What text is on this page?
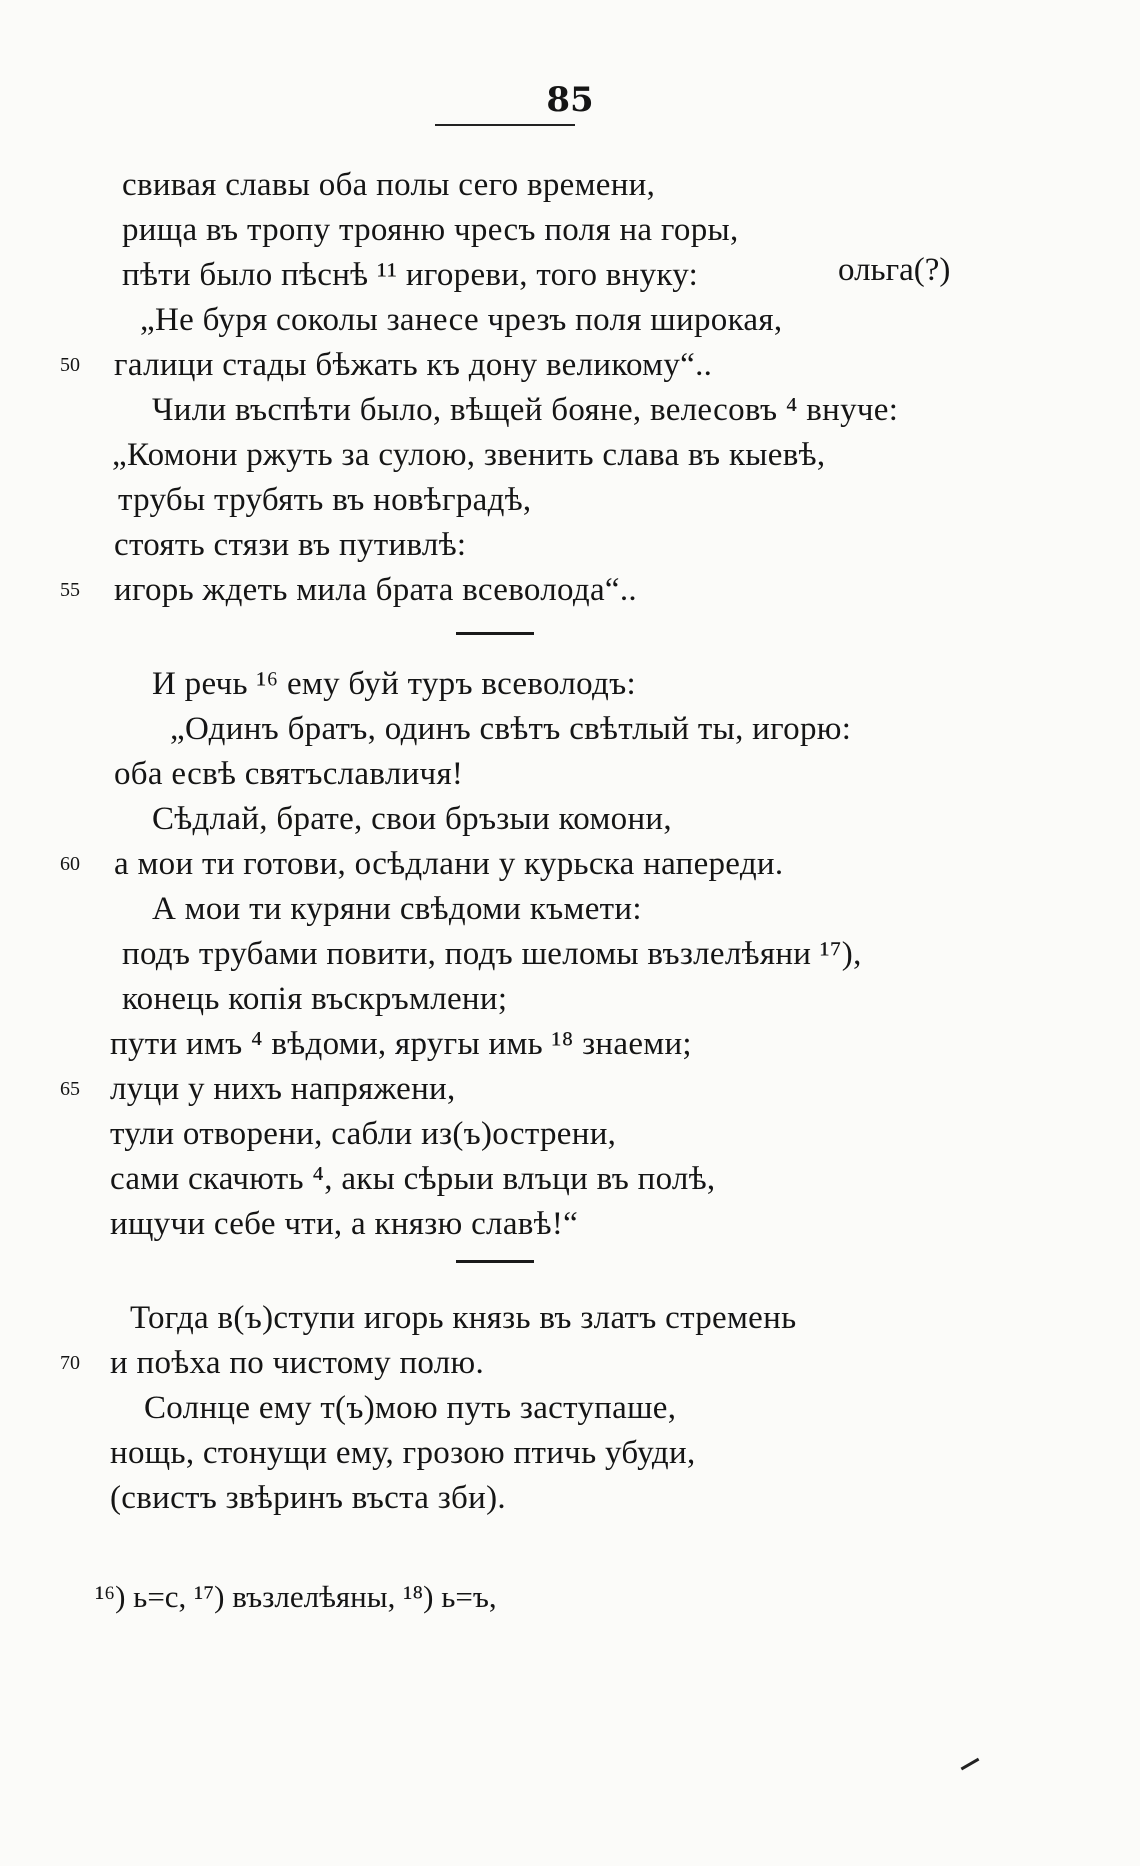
85
ольга(?)
свивая славы оба полы сего времени,
рища въ тропу трояню чресъ поля на горы,
пѣти было пѣснѣ ¹¹ игореви, того внуку:
„Не буря соколы занесе чрезъ поля широкая,
50	галици стады бѣжать къ дону великому“..
Чили въспѣти было, вѣщей бояне, велесовъ ⁴ внуче:
„Комони ржуть за сулою, звенить слава въ кыевѣ,
трубы трубять въ новѣградѣ,
стоять стязи въ путивлѣ:
55	игорь ждеть мила брата всеволода“..
И речь ¹⁶ ему буй туръ всеволодъ:
„Одинъ братъ, одинъ свѣтъ свѣтлый ты, игорю:
оба есвѣ святъславличя!
Сѣдлай, брате, свои бръзыи комони,
60	а мои ти готови, осѣдлани у курьска напереди.
А мои ти куряни свѣдоми къмети:
подъ трубами повити, подъ шеломы възлелѣяни ¹⁷),
конець копія въскръмлени;
пути имъ ⁴ вѣдоми, яругы имь ¹⁸ знаеми;
65 луци у нихъ напряжени,
тули отворени, сабли из(ъ)острени,
сами скачють ⁴, акы сѣрыи влъци въ полѣ,
ищучи себе чти, а князю славѣ!“
Тогда в(ъ)ступи игорь князь въ златъ стремень
70 и поѣха по чистому полю.
Солнце ему т(ъ)мою путь заступаше,
нощь, стонущи ему, грозою птичь убуди,
(свистъ звѣринъ въста зби).
¹⁶) ь=с, ¹⁷) възлелѣяны, ¹⁸) ь=ъ,
